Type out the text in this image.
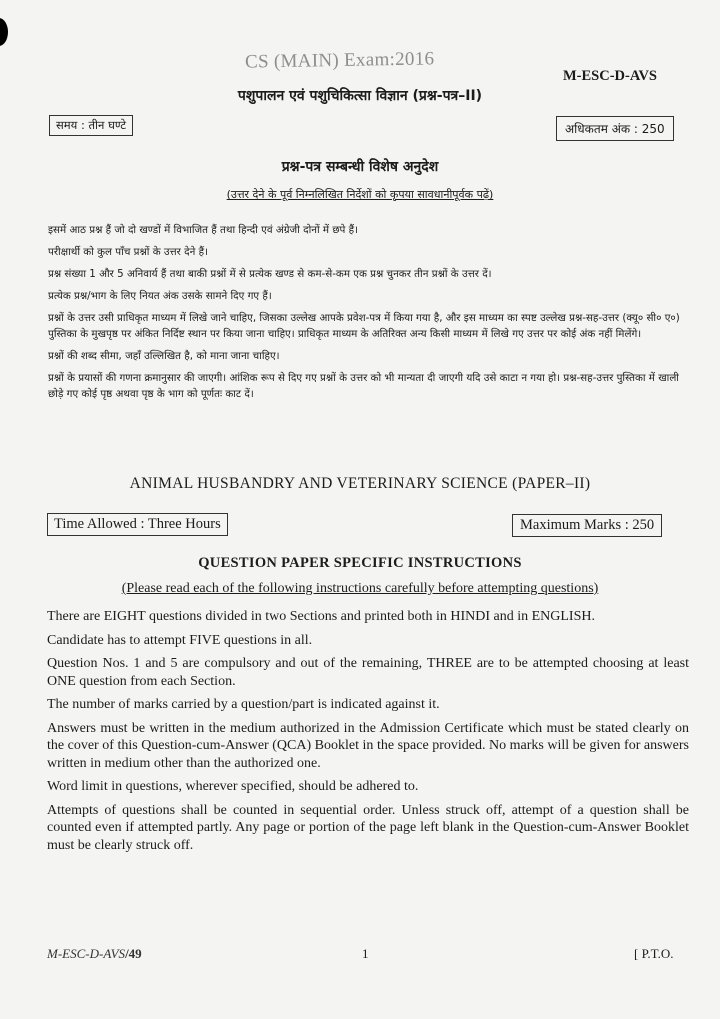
CS (MAIN) Exam:2016
M-ESC-D-AVS
पशुपालन एवं पशुचिकित्सा विज्ञान (प्रश्न-पत्र–II)
समय : तीन घण्टे	अधिकतम अंक : 250
प्रश्न-पत्र सम्बन्धी विशेष अनुदेश
(उत्तर देने के पूर्व निम्नलिखित निर्देशों को कृपया सावधानीपूर्वक पढ़ें)

इसमें आठ प्रश्न हैं जो दो खण्डों में विभाजित हैं तथा हिन्दी एवं अंग्रेजी दोनों में छपे हैं।

परीक्षार्थी को कुल पाँच प्रश्नों के उत्तर देने हैं।

प्रश्न संख्या 1 और 5 अनिवार्य हैं तथा बाकी प्रश्नों में से प्रत्येक खण्ड से कम-से-कम एक प्रश्न चुनकर तीन प्रश्नों के उत्तर दें।

प्रत्येक प्रश्न/भाग के लिए नियत अंक उसके सामने दिए गए हैं।

प्रश्नों के उत्तर उसी प्राधिकृत माध्यम में लिखे जाने चाहिए, जिसका उल्लेख आपके प्रवेश-पत्र में किया गया है, और इस माध्यम का स्पष्ट उल्लेख प्रश्न-सह-उत्तर (क्यू० सी० ए०) पुस्तिका के मुखपृष्ठ पर अंकित निर्दिष्ट स्थान पर किया जाना चाहिए। प्राधिकृत माध्यम के अतिरिक्त अन्य किसी माध्यम में लिखे गए उत्तर पर कोई अंक नहीं मिलेंगे।

प्रश्नों की शब्द सीमा, जहाँ उल्लिखित है, को माना जाना चाहिए।

प्रश्नों के प्रयासों की गणना क्रमानुसार की जाएगी। आंशिक रूप से दिए गए प्रश्नों के उत्तर को भी मान्यता दी जाएगी यदि उसे काटा न गया हो। प्रश्न-सह-उत्तर पुस्तिका में खाली छोड़े गए कोई पृष्ठ अथवा पृष्ठ के भाग को पूर्णतः काट दें।

ANIMAL HUSBANDRY AND VETERINARY SCIENCE (PAPER–II)
Time Allowed : Three Hours	Maximum Marks : 250
QUESTION PAPER SPECIFIC INSTRUCTIONS
(Please read each of the following instructions carefully before attempting questions)

There are EIGHT questions divided in two Sections and printed both in HINDI and in ENGLISH.

Candidate has to attempt FIVE questions in all.

Question Nos. 1 and 5 are compulsory and out of the remaining, THREE are to be attempted choosing at least ONE question from each Section.

The number of marks carried by a question/part is indicated against it.

Answers must be written in the medium authorized in the Admission Certificate which must be stated clearly on the cover of this Question-cum-Answer (QCA) Booklet in the space provided. No marks will be given for answers written in medium other than the authorized one.

Word limit in questions, wherever specified, should be adhered to.

Attempts of questions shall be counted in sequential order. Unless struck off, attempt of a question shall be counted even if attempted partly. Any page or portion of the page left blank in the Question-cum-Answer Booklet must be clearly struck off.

M-ESC-D-AVS/49	1	[ P.T.O.
